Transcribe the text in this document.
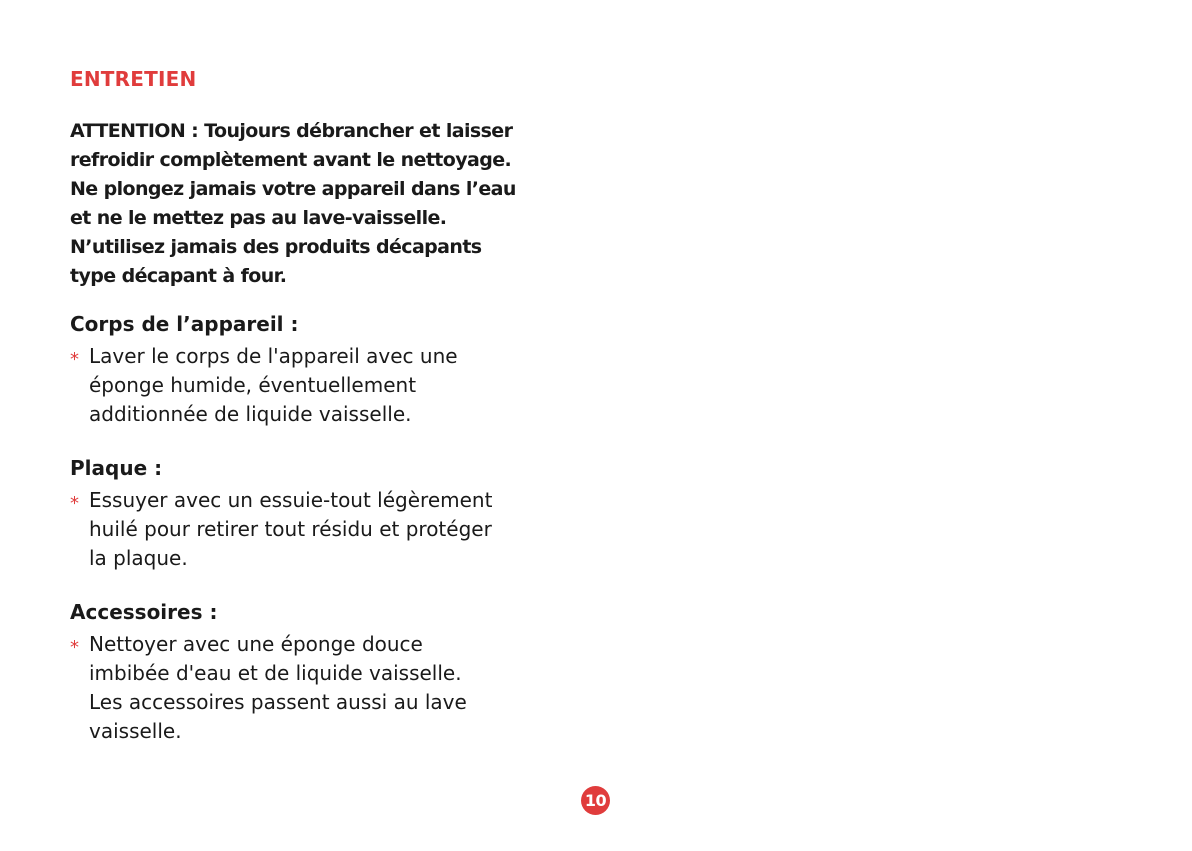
ENTRETIEN

ATTENTION : Toujours débrancher et laisser
refroidir complètement avant le nettoyage.
Ne plongez jamais votre appareil dans l’eau
et ne le mettez pas au lave-vaisselle.
N’utilisez jamais des produits décapants
type décapant à four.

Corps de l’appareil :
* Laver le corps de l'appareil avec une
éponge humide, éventuellement
additionnée de liquide vaisselle.
Plaque :
* Essuyer avec un essuie-tout légèrement
huilé pour retirer tout résidu et protéger
la plaque.
Accessoires :
* Nettoyer avec une éponge douce
imbibée d'eau et de liquide vaisselle.
Les accessoires passent aussi au lave
vaisselle.
10
